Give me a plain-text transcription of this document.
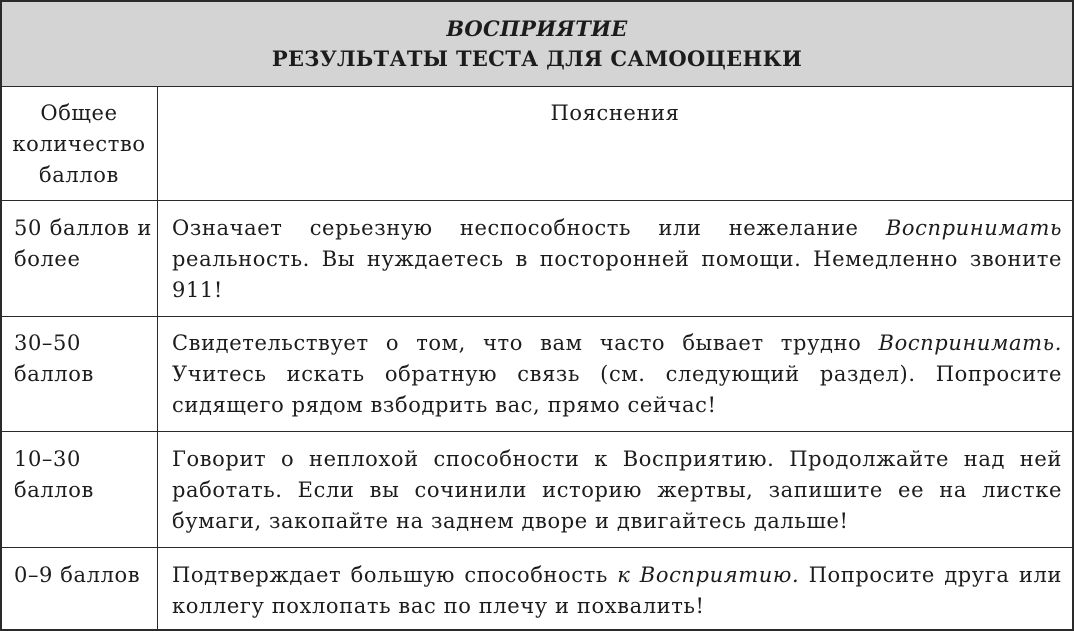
ВОСПРИЯТИЕ
РЕЗУЛЬТАТЫ ТЕСТА ДЛЯ САМООЦЕНКИ
Общее количество баллов
Пояснения
50 баллов и более
Означает серьезную неспособность или нежелание Воспринимать реальность. Вы нуждаетесь в посторонней помощи. Немедленно звоните 911!
30–50 баллов
Свидетельствует о том, что вам часто бывает трудно Воспринимать. Учитесь искать обратную связь (см. следующий раздел). Попросите сидящего рядом взбодрить вас, прямо сейчас!
10–30 баллов
Говорит о неплохой способности к Восприятию. Продолжайте над ней работать. Если вы сочинили историю жертвы, запишите ее на листке бумаги, закопайте на заднем дворе и двигайтесь дальше!
0–9 баллов	Подтверждает большую способность к Восприятию. Попросите друга или коллегу похлопать вас по плечу и похвалить!
